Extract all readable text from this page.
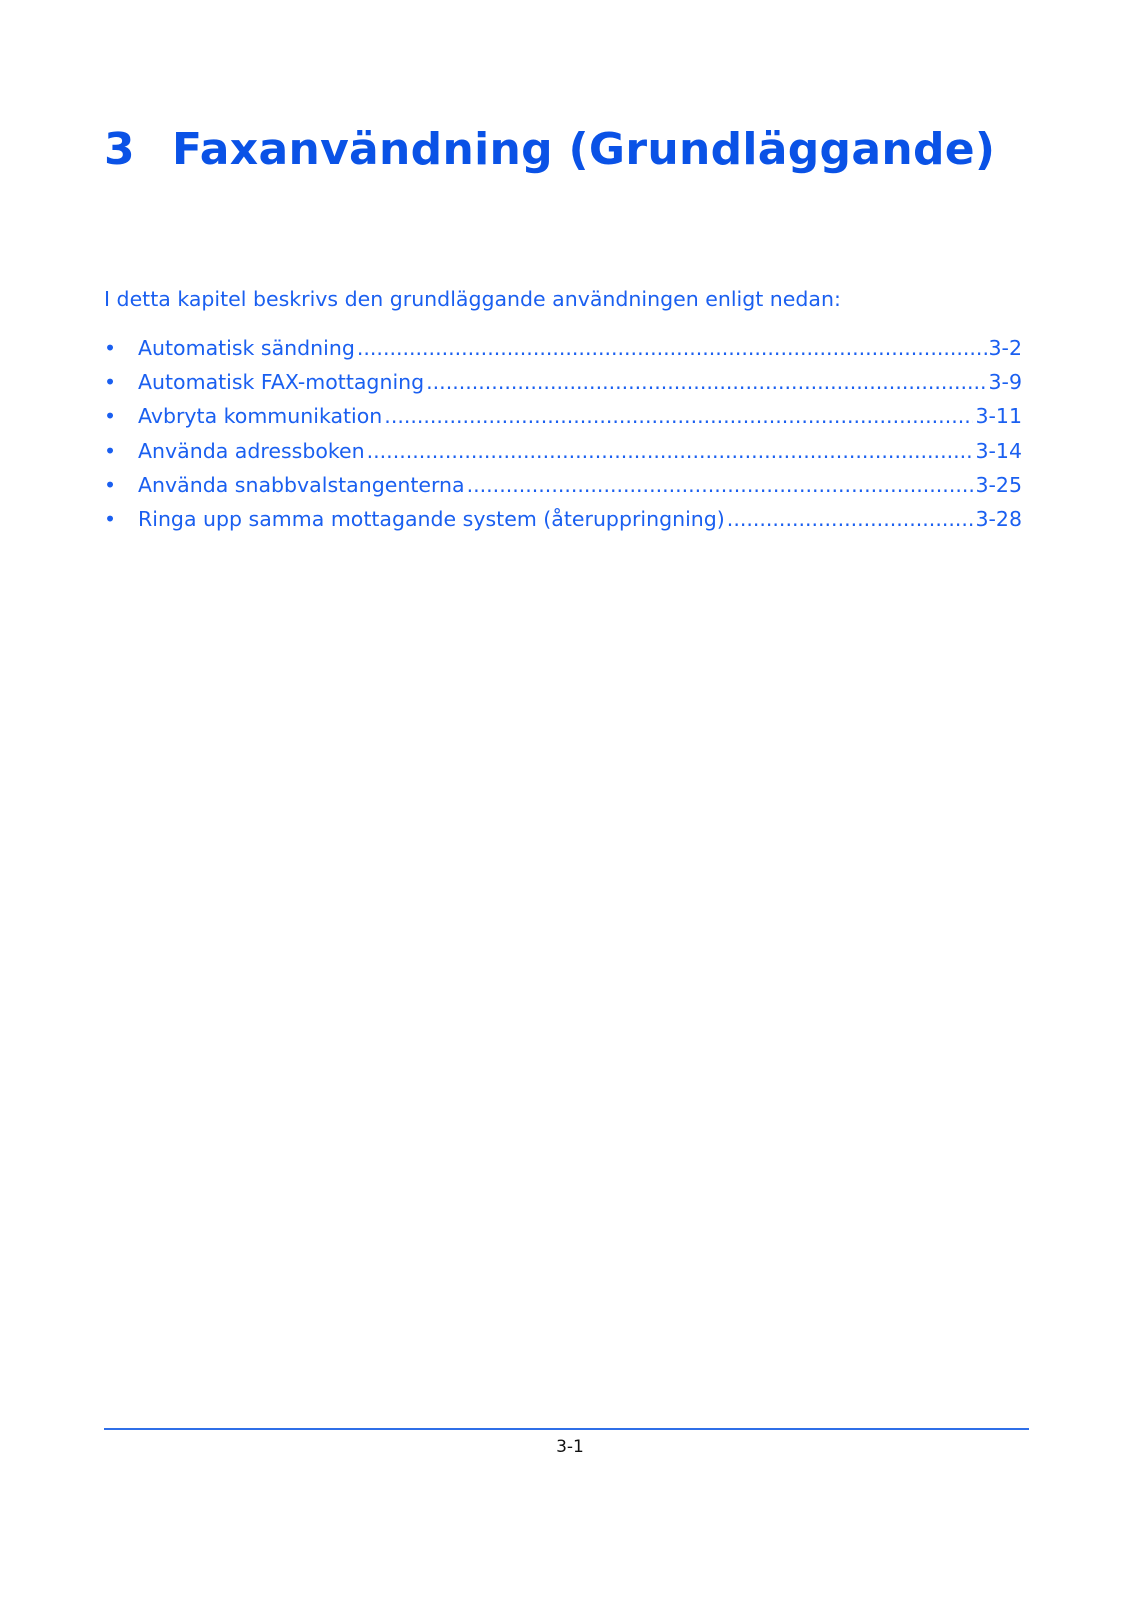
3 Faxanvändning (Grundläggande)

I detta kapitel beskrivs den grundläggande användningen enligt nedan:

•	Automatisk sändning .....	3-2
•	Automatisk FAX-mottagning .....	3-9
•	Avbryta kommunikation .....	3-11
•	Använda adressboken .....	3-14
•	Använda snabbvalstangenterna .....	3-25
•	Ringa upp samma mottagande system (återuppringning) .....	3-28
3-1
